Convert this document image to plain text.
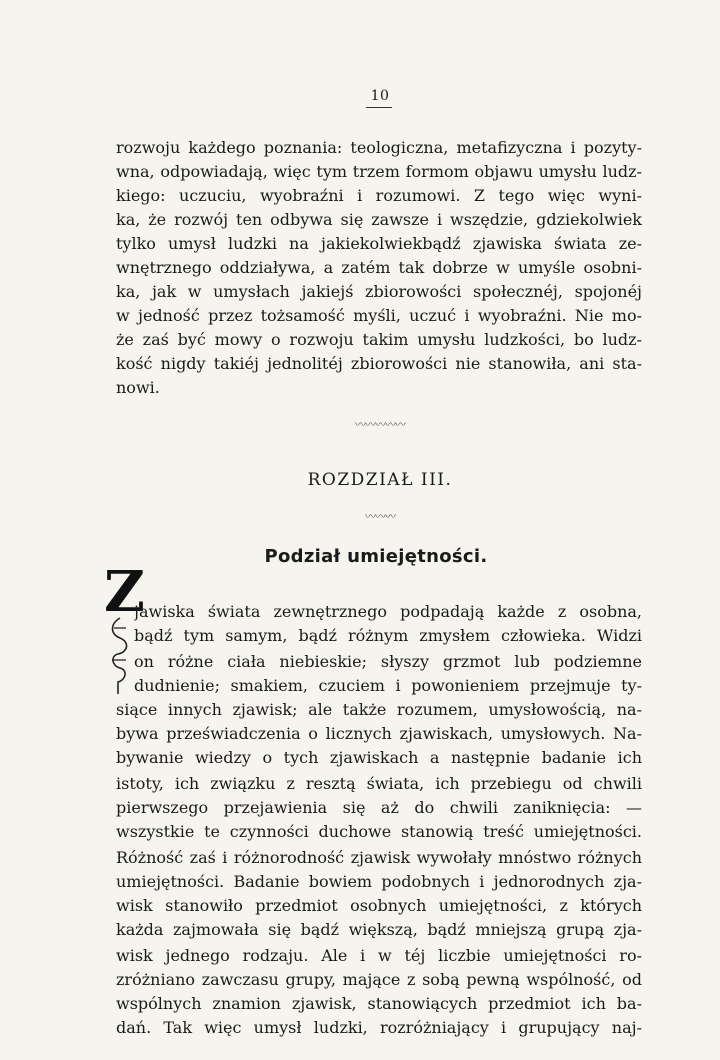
10
rozwoju każdego poznania: teologiczna, metafizyczna i pozyty-
wna, odpowiadają, więc tym trzem formom objawu umysłu ludz-
kiego: uczuciu, wyobraźni i rozumowi. Z tego więc wyni-
ka, że rozwój ten odbywa się zawsze i wszędzie, gdziekolwiek
tylko umysł ludzki na jakiekolwiekbądź zjawiska świata ze-
wnętrznego oddziaływa, a zatém tak dobrze w umyśle osobni-
ka, jak w umysłach jakiejś zbiorowości społecznéj, spojonéj
w jedność przez tożsamość myśli, uczuć i wyobraźni. Nie mo-
że zaś być mowy o rozwoju takim umysłu ludzkości, bo ludz-
kość nigdy takiéj jednolitéj zbiorowości nie stanowiła, ani sta-
nowi.
〰〰〰〰〰
ROZDZIAŁ III.
〰〰〰
Podział umiejętności.
Z
jawiska świata zewnętrznego podpadają każde z osobna,
bądź tym samym, bądź różnym zmysłem człowieka. Widzi
on różne ciała niebieskie; słyszy grzmot lub podziemne
dudnienie; smakiem, czuciem i powonieniem przejmuje ty-
siące innych zjawisk; ale także rozumem, umysłowością, na-
bywa przeświadczenia o licznych zjawiskach, umysłowych. Na-
bywanie wiedzy o tych zjawiskach a następnie badanie ich
istoty, ich związku z resztą świata, ich przebiegu od chwili
pierwszego przejawienia się aż do chwili zaniknięcia: —
wszystkie te czynności duchowe stanowią treść umiejętności.
Różność zaś i różnorodność zjawisk wywołały mnóstwo różnych
umiejętności. Badanie bowiem podobnych i jednorodnych zja-
wisk stanowiło przedmiot osobnych umiejętności, z których
każda zajmowała się bądź większą, bądź mniejszą grupą zja-
wisk jednego rodzaju. Ale i w téj liczbie umiejętności ro-
zróżniano zawczasu grupy, mające z sobą pewną wspólność, od
wspólnych znamion zjawisk, stanowiących przedmiot ich ba-
dań. Tak więc umysł ludzki, rozróżniający i grupujący naj-
